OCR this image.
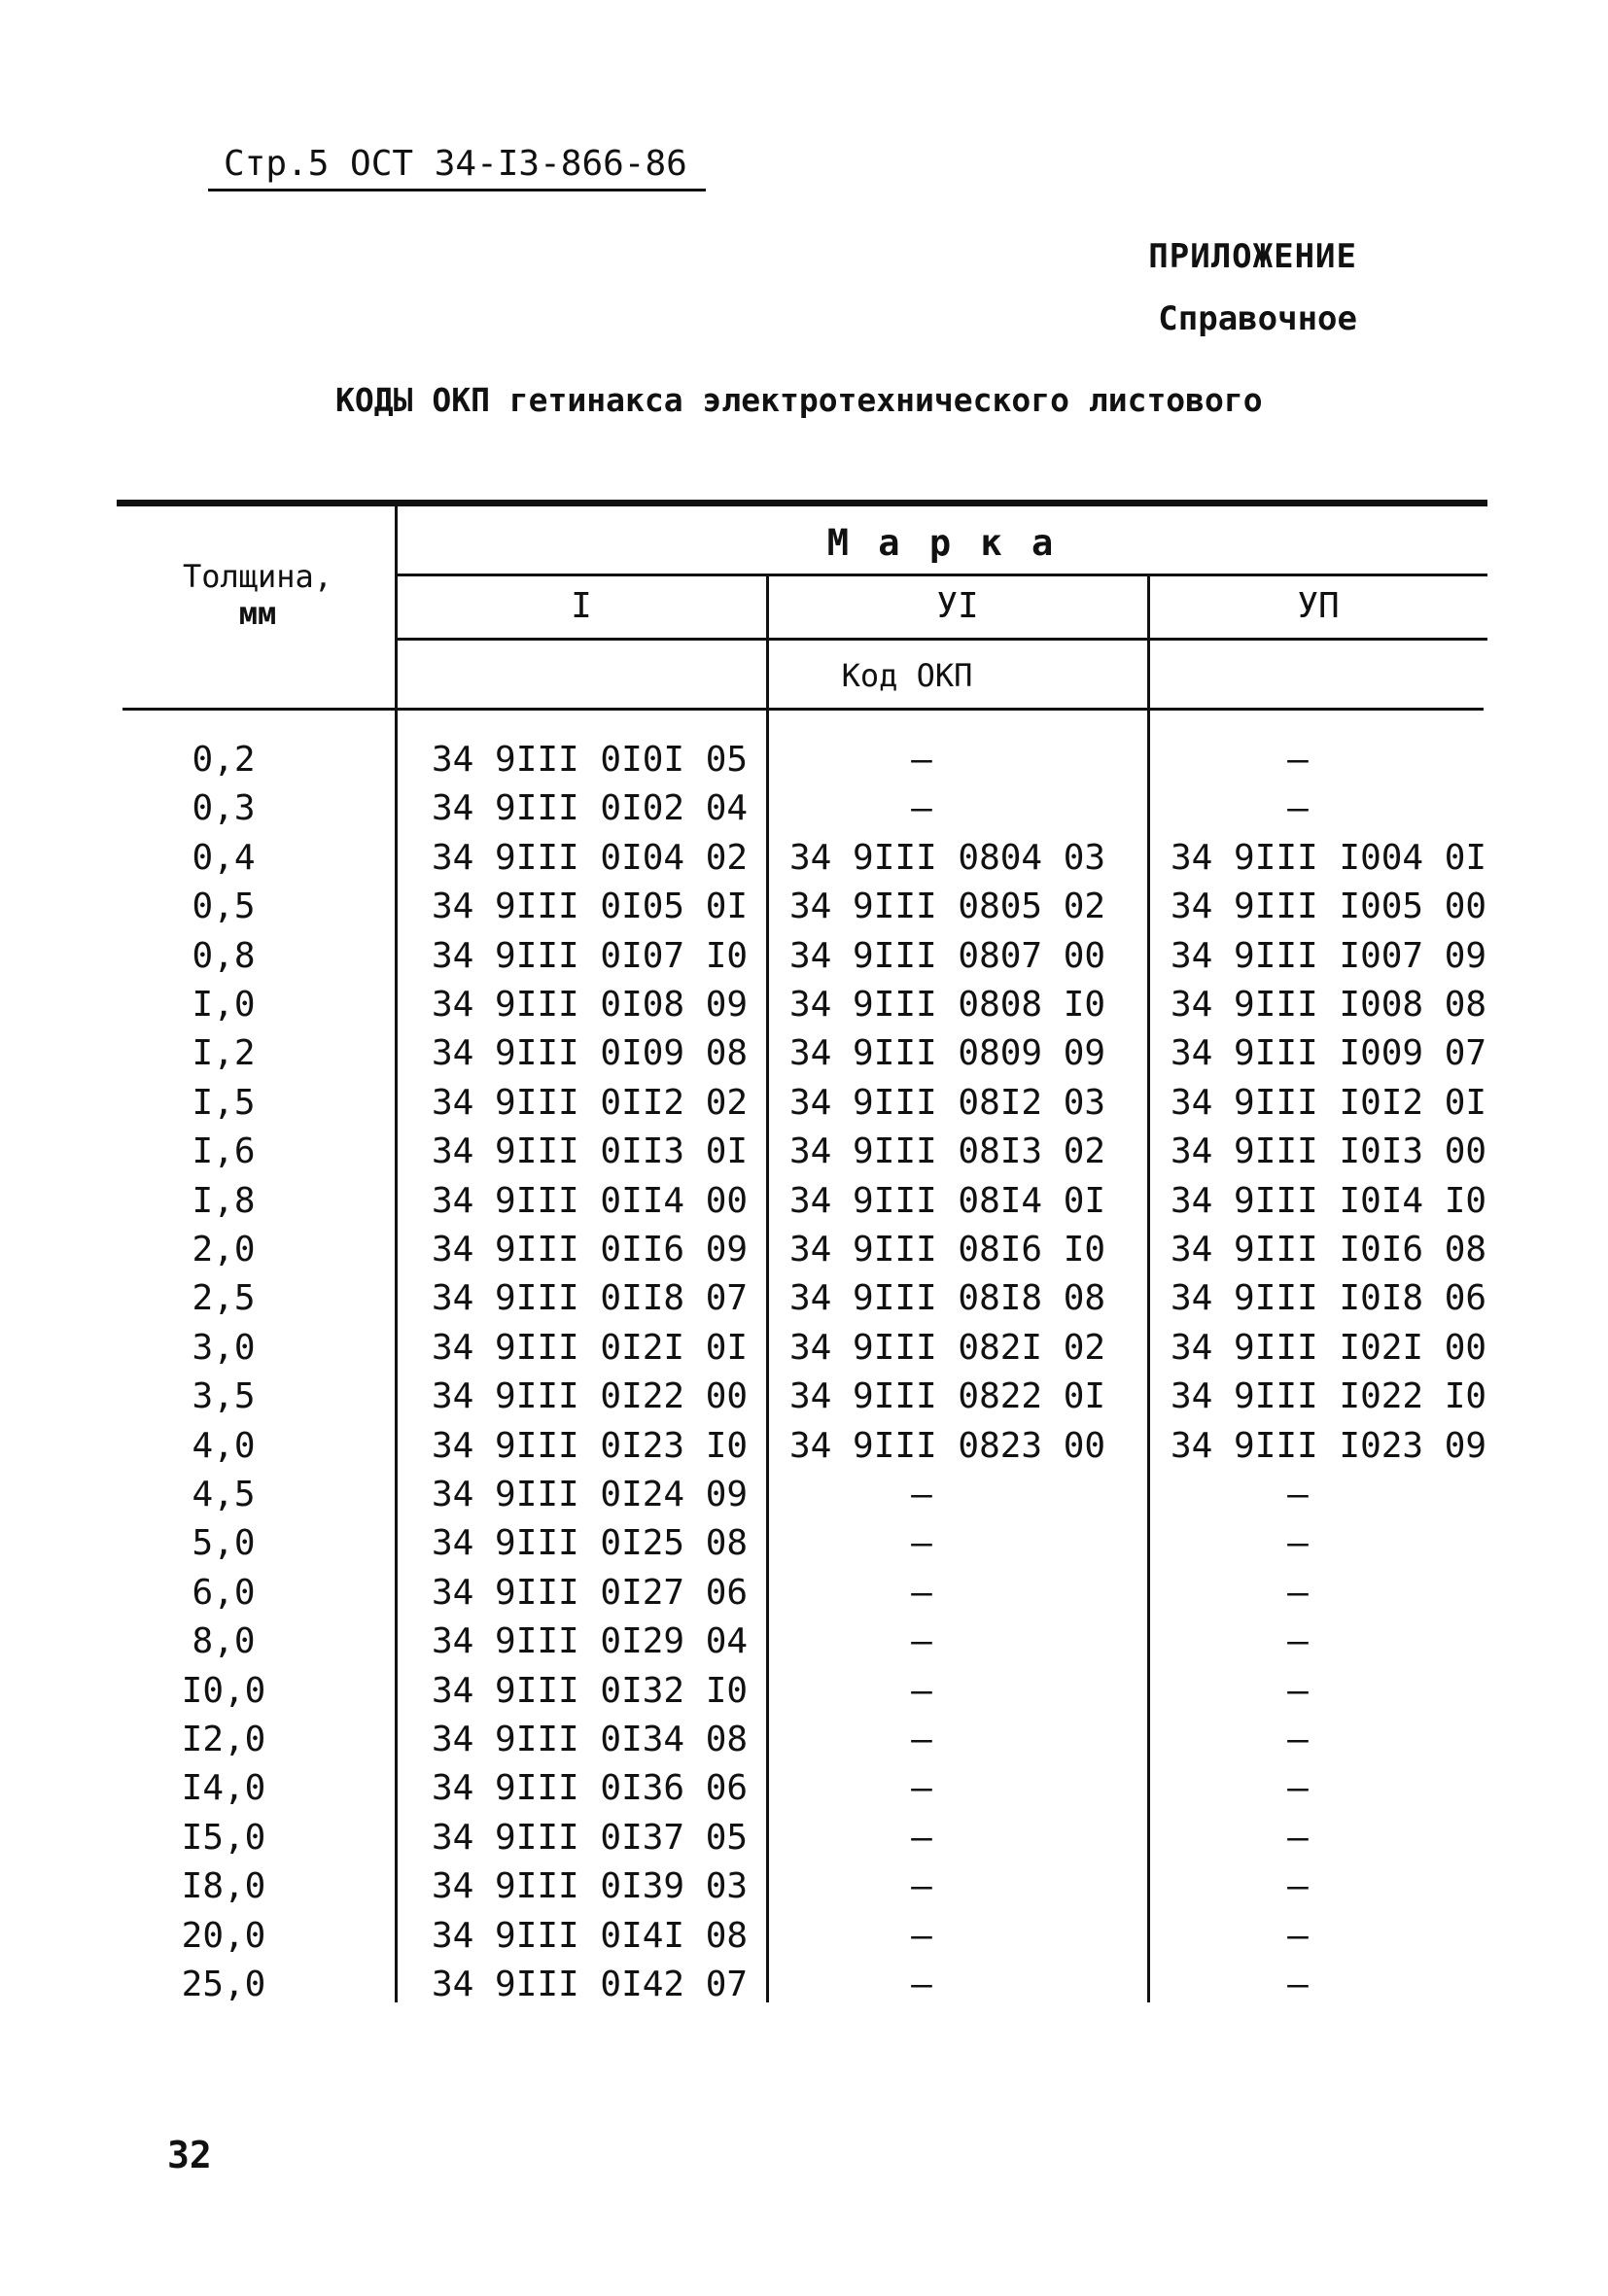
Стр.5 ОСТ 34-I3-866-86
ПРИЛОЖЕНИЕ
Справочное
КОДЫ ОКП гетинакса электротехнического листового
Толщина,
мм
М а р к а
I	УI	УП
Код ОКП
0,2	34 9III 0I0I 05	–	–
0,3	34 9III 0I02 04	–	–
0,4	34 9III 0I04 02	34 9III 0804 03	34 9III I004 0I
0,5	34 9III 0I05 0I	34 9III 0805 02	34 9III I005 00
0,8	34 9III 0I07 I0	34 9III 0807 00	34 9III I007 09
I,0	34 9III 0I08 09	34 9III 0808 I0	34 9III I008 08
I,2	34 9III 0I09 08	34 9III 0809 09	34 9III I009 07
I,5	34 9III 0II2 02	34 9III 08I2 03	34 9III I0I2 0I
I,6	34 9III 0II3 0I	34 9III 08I3 02	34 9III I0I3 00
I,8	34 9III 0II4 00	34 9III 08I4 0I	34 9III I0I4 I0
2,0	34 9III 0II6 09	34 9III 08I6 I0	34 9III I0I6 08
2,5	34 9III 0II8 07	34 9III 08I8 08	34 9III I0I8 06
3,0	34 9III 0I2I 0I	34 9III 082I 02	34 9III I02I 00
3,5	34 9III 0I22 00	34 9III 0822 0I	34 9III I022 I0
4,0	34 9III 0I23 I0	34 9III 0823 00	34 9III I023 09
4,5	34 9III 0I24 09	–	–
5,0	34 9III 0I25 08	–	–
6,0	34 9III 0I27 06	–	–
8,0	34 9III 0I29 04	–	–
I0,0	34 9III 0I32 I0	–	–
I2,0	34 9III 0I34 08	–	–
I4,0	34 9III 0I36 06	–	–
I5,0	34 9III 0I37 05	–	–
I8,0	34 9III 0I39 03	–	–
20,0	34 9III 0I4I 08	–	–
25,0	34 9III 0I42 07	–	–
32
